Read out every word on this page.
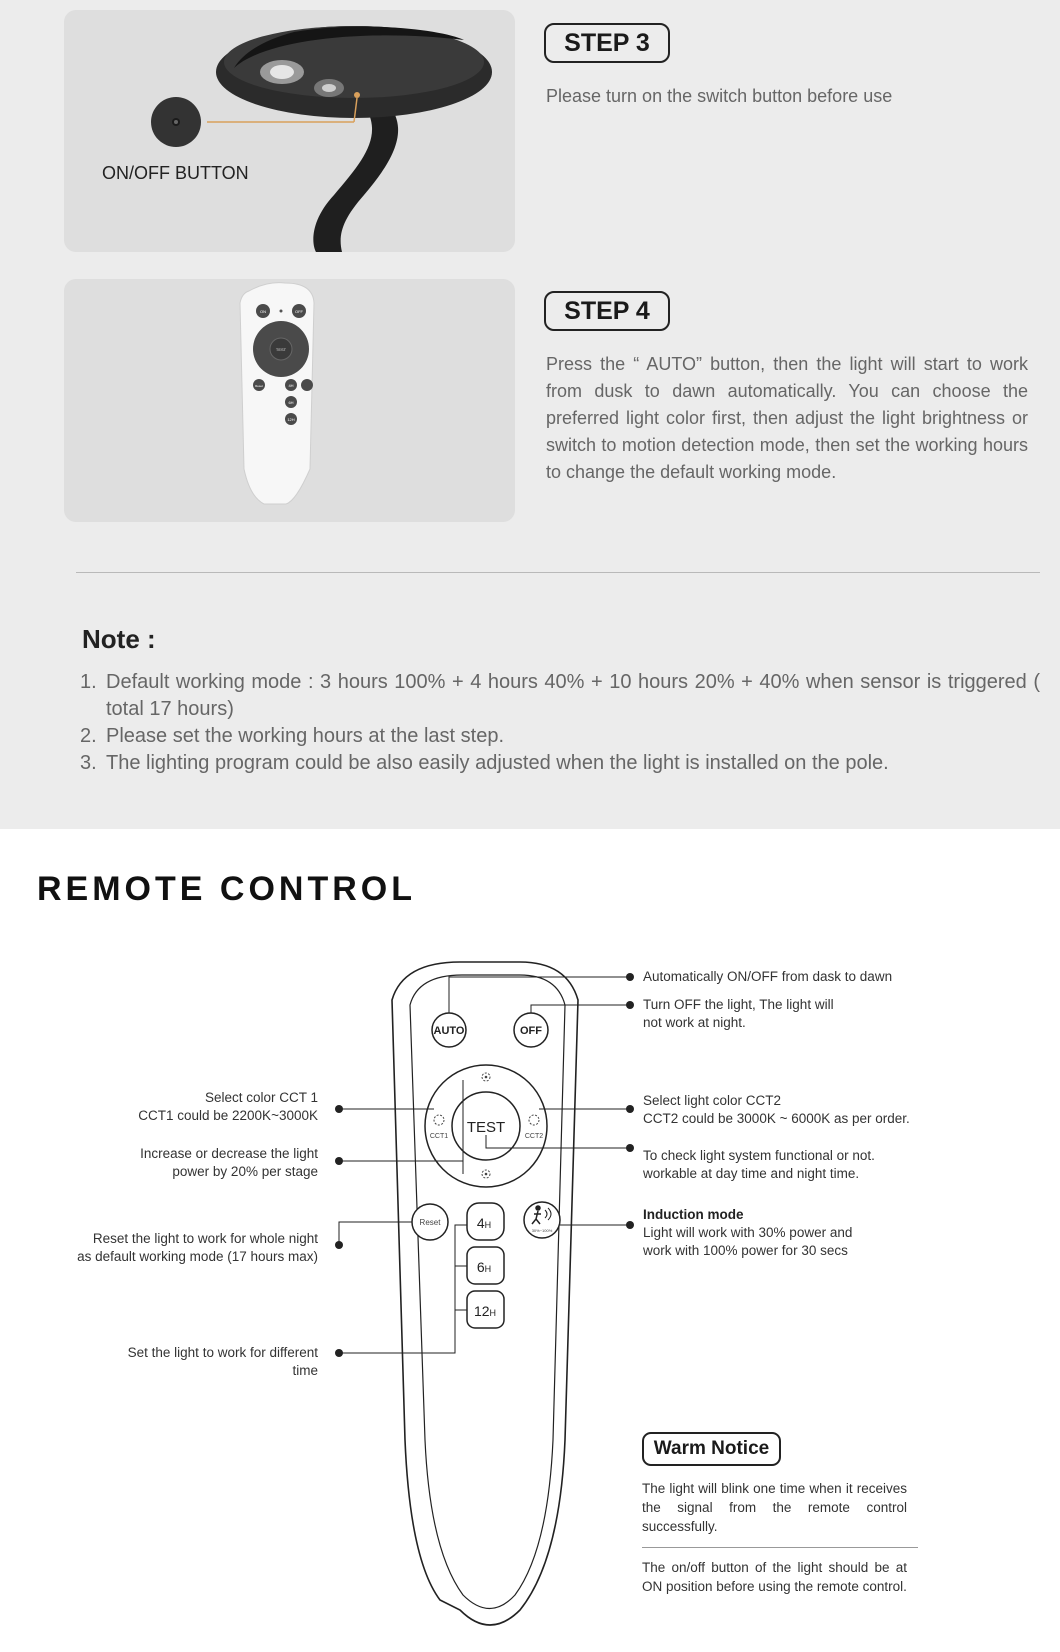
ON/OFF BUTTON
STEP 3
Please turn on the switch button before use
ON	OFF
TEST
Reset	4H
6H
12H
STEP 4
Press the “ AUTO” button, then the light will start to work from dusk to dawn automatically. You can choose the preferred light color first, then adjust the light brightness or switch to motion detection mode, then set the working hours to change the default working mode.
Note :
1. Default working mode : 3 hours 100% + 4 hours 40% + 10 hours 20% + 40% when sensor is triggered ( total 17 hours)
2. Please set the working hours at the last step.
3. The lighting program could be also easily adjusted when the light is installed on the pole.
REMOTE CONTROL
AUTO	OFF
TEST
CCT1	CCT2
Reset	4H
6H
12H
30%~100%
Automatically ON/OFF from dask to dawn
Turn OFF the light, The light will
not work at night.
Select light color CCT2
CCT2 could be 3000K ~ 6000K as per order.
To check light system functional or not.
workable at day time and night time.
Induction mode
Light will work with 30% power and
work with 100% power for 30 secs
Select color CCT 1
CCT1 could be 2200K~3000K
Increase or decrease the light
power by 20% per stage
Reset the light to work for whole night
as default working mode (17 hours max)
Set the light to work for different
time
Warm Notice
The light will blink one time when it receives the signal from the remote control successfully.
The on/off button of the light should be at ON position before using the remote control.
